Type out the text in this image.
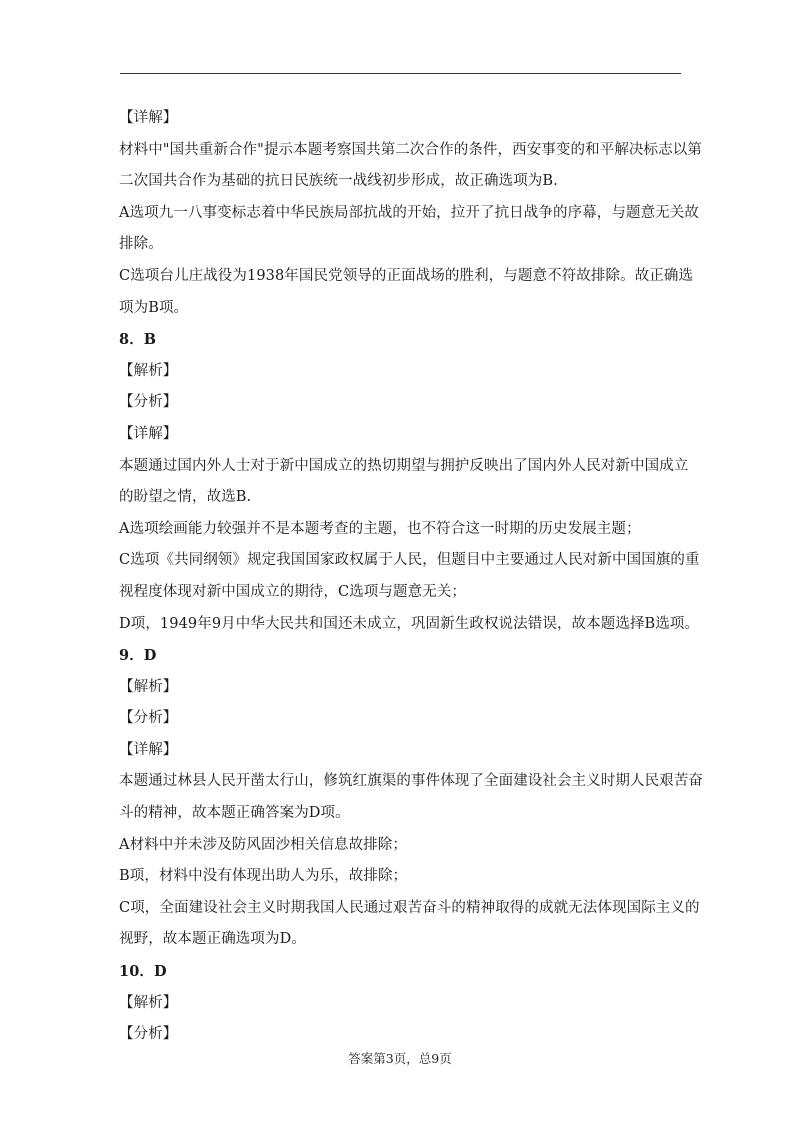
【详解】
材料中"国共重新合作"提示本题考察国共第二次合作的条件，西安事变的和平解决标志以第
二次国共合作为基础的抗日民族统一战线初步形成，故正确选项为B.
A选项九一八事变标志着中华民族局部抗战的开始，拉开了抗日战争的序幕，与题意无关故
排除。
C选项台儿庄战役为1938年国民党领导的正面战场的胜利，与题意不符故排除。故正确选
项为B项。
8．B
【解析】
【分析】
【详解】
本题通过国内外人士对于新中国成立的热切期望与拥护反映出了国内外人民对新中国成立
的盼望之情，故选B.
A选项绘画能力较强并不是本题考查的主题，也不符合这一时期的历史发展主题；
C选项《共同纲领》规定我国国家政权属于人民，但题目中主要通过人民对新中国国旗的重
视程度体现对新中国成立的期待，C选项与题意无关；
D项，1949年9月中华大民共和国还未成立，巩固新生政权说法错误，故本题选择B选项。
9．D
【解析】
【分析】
【详解】
本题通过林县人民开凿太行山，修筑红旗渠的事件体现了全面建设社会主义时期人民艰苦奋
斗的精神，故本题正确答案为D项。
A材料中并未涉及防风固沙相关信息故排除；
B项，材料中没有体现出助人为乐，故排除；
C项，全面建设社会主义时期我国人民通过艰苦奋斗的精神取得的成就无法体现国际主义的
视野，故本题正确选项为D。
10．D
【解析】
【分析】
答案第3页，总9页
